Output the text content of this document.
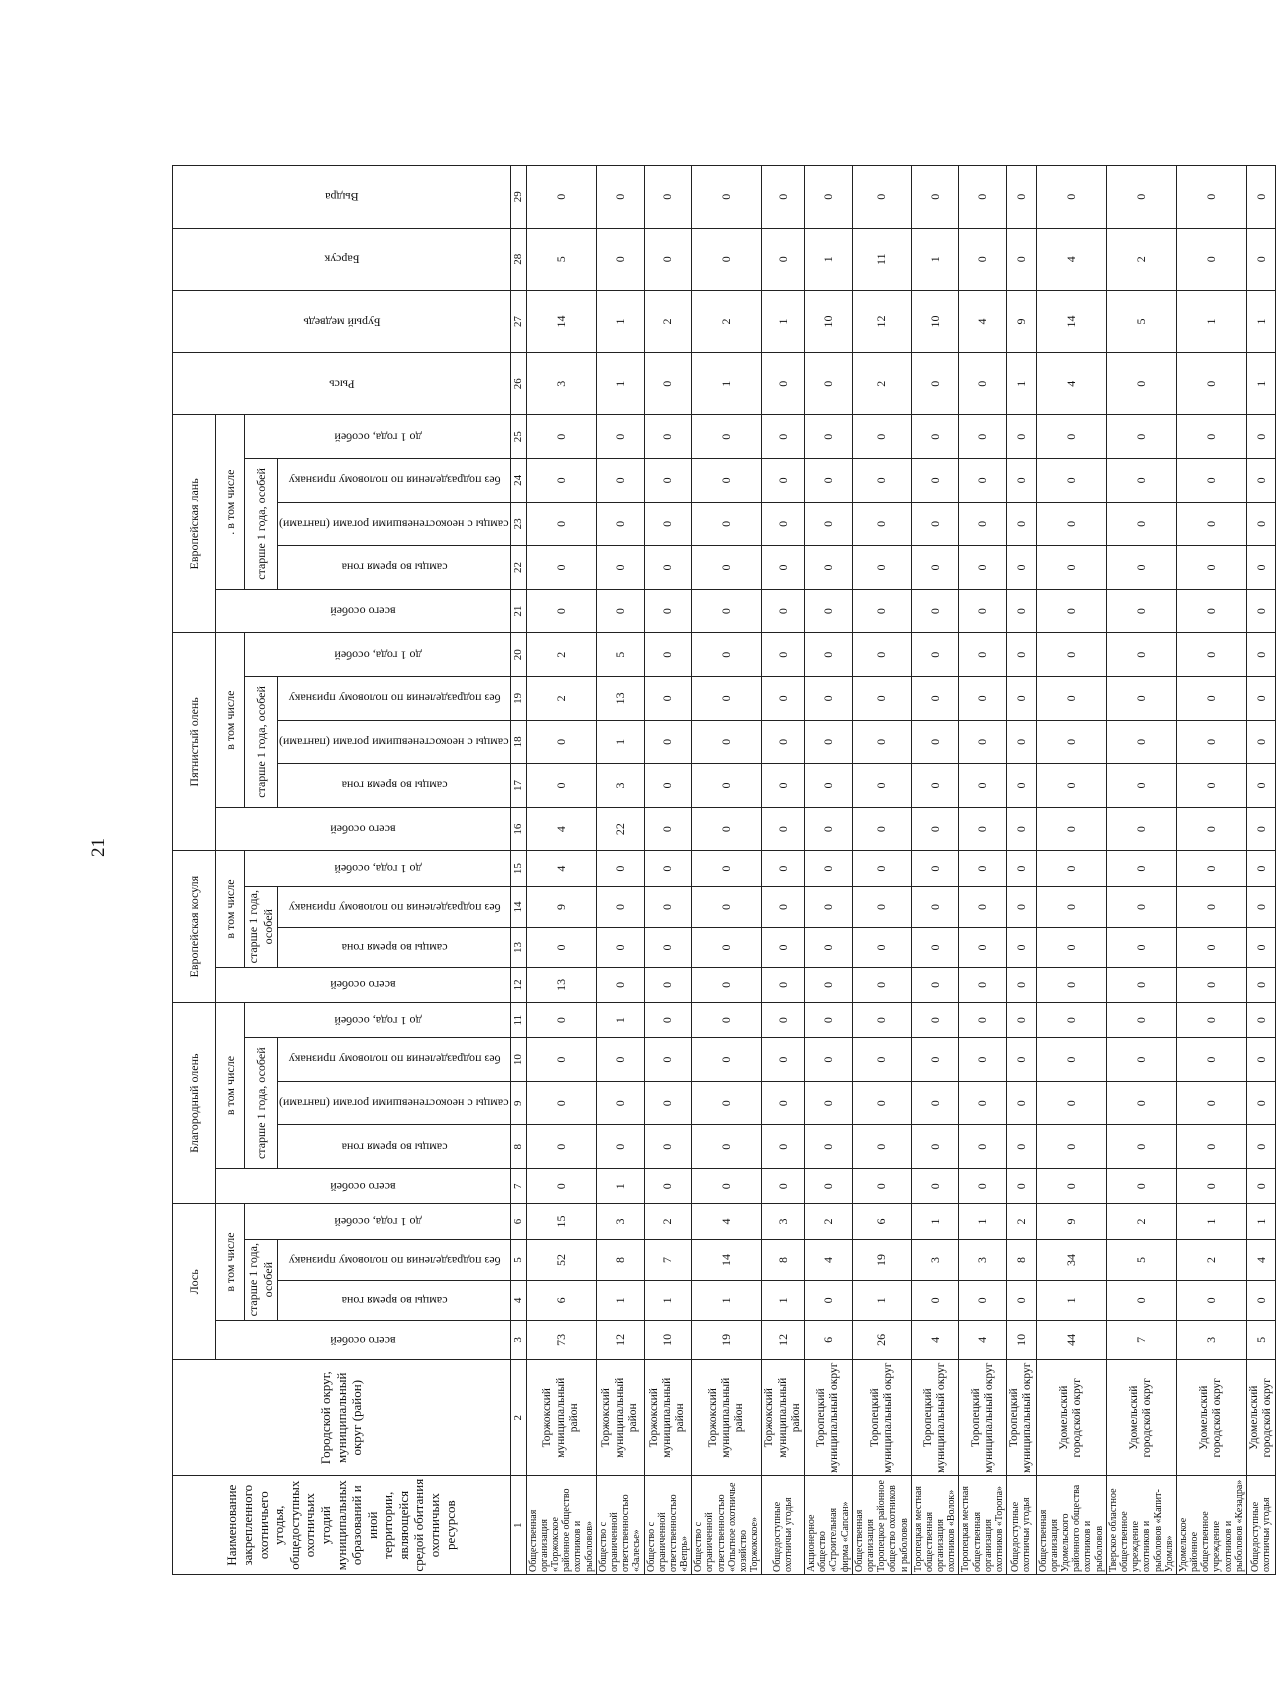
21
Наименование закрепленного охотничьего угодья, общедоступных охотничьих угодий муниципальных образований и иной территории, являющейся средой обитания охотничьих ресурсов	Городской округ, муниципальный округ (район)	Лось				Благородный олень					Европейская косуля				Пятнистый олень					Европейская лань					Рысь	Бурый медведь	Барсук	Выдра
		всего особей	в том числе			всего особей	в том числе				всего особей	в том числе			всего особей	в том числе				всего особей	. в том числе							
			старше 1 года, особей		до 1 года, особей		старше 1 года, особей			до 1 года, особей		старше 1 года, особей		до 1 года, особей		старше 1 года, особей			до 1 года, особей		старше 1 года, особей			до 1 года, особей				
			самцы во время гона	без подразделения по половому признаку			самцы во время гона	самцы с неокостеневшими рогами (пантами)	без подразделения по половому признаку			самцы во время гона	без подразделения по половому признаку			самцы во время гона	самцы с неокостеневшими рогами (пантами)	без подразделения по половому признаку			самцы во время гона	самцы с неокостеневшими рогами (пантами)	без подразделения по половому признаку					
1	2	3	4	5	6	7	8	9	10	11	12	13	14	15	16	17	18	19	20	21	22	23	24	25	26	27	28	29
Общественная организация «Торжокское районное общество охотников и рыболовов»	Торжокский муниципальный район	73	6	52	15	0	0	0	0	0	13	0	9	4	4	0	0	2	2	0	0	0	0	0	3	14	5	0
Общество с ограниченной ответственностью «Залесье»	Торжокский муниципальный район	12	1	8	3	1	0	0	0	1	0	0	0	0	22	3	1	13	5	0	0	0	0	0	1	1	0	0
Общество с ограниченной ответственностью «Вепрь»	Торжокский муниципальный район	10	1	7	2	0	0	0	0	0	0	0	0	0	0	0	0	0	0	0	0	0	0	0	0	2	0	0
Общество с ограниченной ответственностью «Опытное охотничье хозяйство Торжокское»	Торжокский муниципальный район	19	1	14	4	0	0	0	0	0	0	0	0	0	0	0	0	0	0	0	0	0	0	0	1	2	0	0
Общедоступные охотничьи угодья	Торжокский муниципальный район	12	1	8	3	0	0	0	0	0	0	0	0	0	0	0	0	0	0	0	0	0	0	0	0	1	0	0
Акционерное общество «Строительная фирма «Сапсан»	Торопецкий муниципальный округ	6	0	4	2	0	0	0	0	0	0	0	0	0	0	0	0	0	0	0	0	0	0	0	0	10	1	0
Общественная организация Торопецкое районное общество охотников и рыболовов	Торопецкий муниципальный округ	26	1	19	6	0	0	0	0	0	0	0	0	0	0	0	0	0	0	0	0	0	0	0	2	12	11	0
Торопецкая местная общественная организация охотников «Волок»	Торопецкий муниципальный округ	4	0	3	1	0	0	0	0	0	0	0	0	0	0	0	0	0	0	0	0	0	0	0	0	10	1	0
Торопецкая местная общественная организация охотников «Торопа»	Торопецкий муниципальный округ	4	0	3	1	0	0	0	0	0	0	0	0	0	0	0	0	0	0	0	0	0	0	0	0	4	0	0
Общедоступные охотничьи угодья	Торопецкий муниципальный округ	10	0	8	2	0	0	0	0	0	0	0	0	0	0	0	0	0	0	0	0	0	0	0	1	9	0	0
Общественная организация Удомельского районного общества охотников и рыболовов	Удомельский городской округ	44	1	34	9	0	0	0	0	0	0	0	0	0	0	0	0	0	0	0	0	0	0	0	4	14	4	0
Тверское областное общественное учреждение охотников и рыболовов «Капит-Удомля»	Удомельский городской округ	7	0	5	2	0	0	0	0	0	0	0	0	0	0	0	0	0	0	0	0	0	0	0	0	5	2	0
Удомельское районное общественное учреждение охотников и рыболовов «Кезадра»	Удомельский городской округ	3	0	2	1	0	0	0	0	0	0	0	0	0	0	0	0	0	0	0	0	0	0	0	0	1	0	0
Общедоступные охотничьи угодья	Удомельский городской округ	5	0	4	1	0	0	0	0	0	0	0	0	0	0	0	0	0	0	0	0	0	0	0	1	1	0	0
